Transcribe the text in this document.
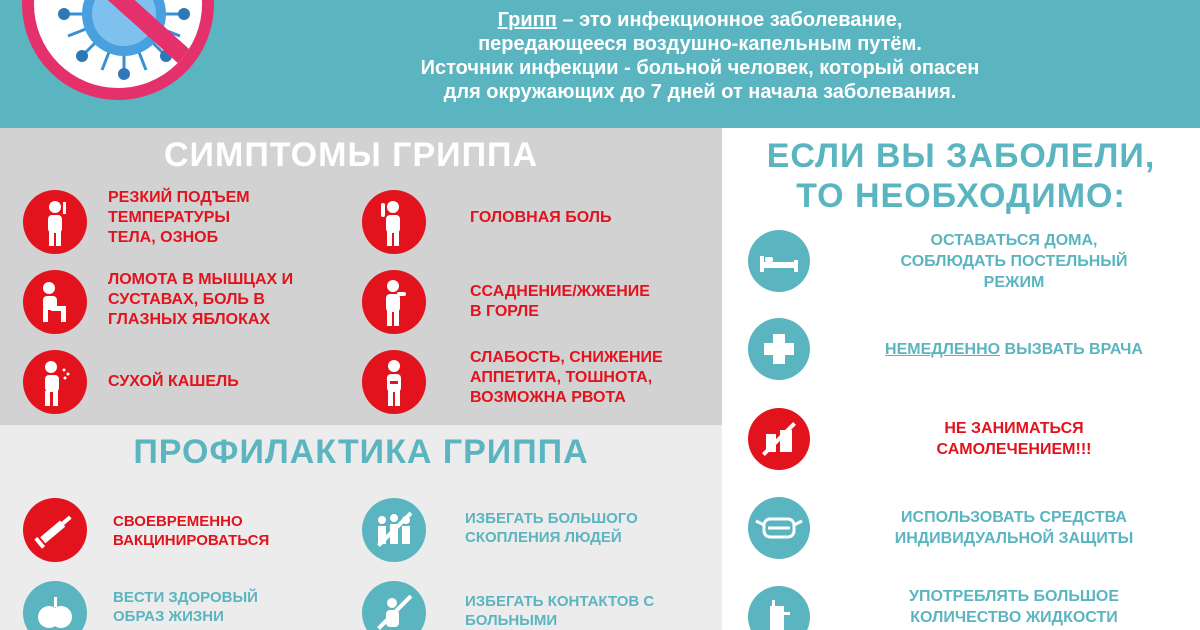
Грипп – это инфекционное заболевание,
передающееся воздушно-капельным путём.
Источник инфекции - больной человек, который опасен
для окружающих до 7 дней от начала заболевания.
СИМПТОМЫ ГРИППА
РЕЗКИЙ ПОДЪЕМ
ТЕМПЕРАТУРЫ
ТЕЛА, ОЗНОБ
ГОЛОВНАЯ БОЛЬ
ЛОМОТА В МЫШЦАХ И
СУСТАВАХ, БОЛЬ В
ГЛАЗНЫХ ЯБЛОКАХ
ССАДНЕНИЕ/ЖЖЕНИЕ
В ГОРЛЕ
СУХОЙ КАШЕЛЬ
СЛАБОСТЬ, СНИЖЕНИЕ
АППЕТИТА, ТОШНОТА,
ВОЗМОЖНА РВОТА
ПРОФИЛАКТИКА ГРИППА
СВОЕВРЕМЕННО
ВАКЦИНИРОВАТЬСЯ
ИЗБЕГАТЬ БОЛЬШОГО
СКОПЛЕНИЯ ЛЮДЕЙ
ВЕСТИ ЗДОРОВЫЙ
ОБРАЗ ЖИЗНИ
ИЗБЕГАТЬ КОНТАКТОВ С
БОЛЬНЫМИ
ЕСЛИ ВЫ ЗАБОЛЕЛИ,
ТО НЕОБХОДИМО:
ОСТАВАТЬСЯ ДОМА,
СОБЛЮДАТЬ ПОСТЕЛЬНЫЙ
РЕЖИМ
НЕМЕДЛЕННО ВЫЗВАТЬ ВРАЧА
НЕ ЗАНИМАТЬСЯ
САМОЛЕЧЕНИЕМ!!!
ИСПОЛЬЗОВАТЬ СРЕДСТВА
ИНДИВИДУАЛЬНОЙ ЗАЩИТЫ
УПОТРЕБЛЯТЬ БОЛЬШОЕ
КОЛИЧЕСТВО ЖИДКОСТИ
